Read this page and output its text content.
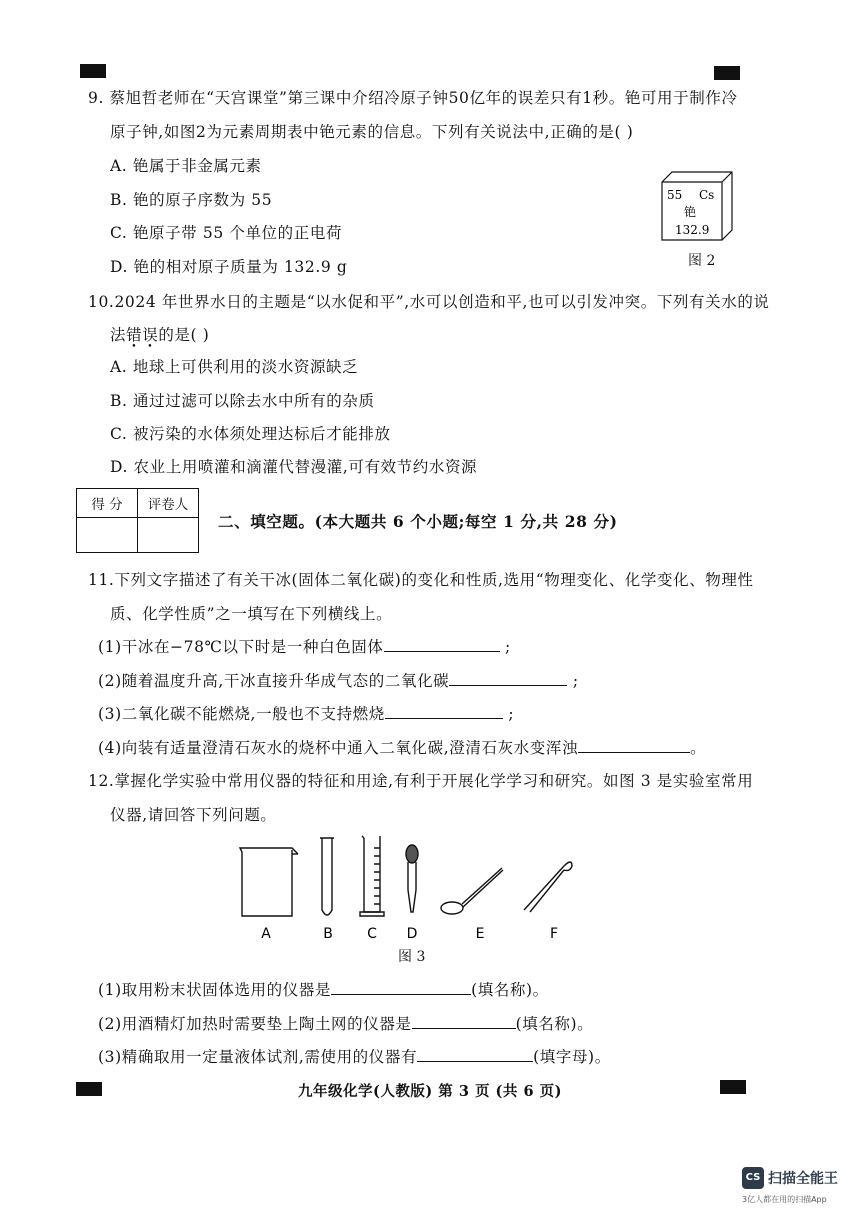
9. 蔡旭哲老师在“天宫课堂”第三课中介绍冷原子钟50亿年的误差只有1秒。铯可用于制作冷
原子钟,如图2为元素周期表中铯元素的信息。下列有关说法中,正确的是( )
A. 铯属于非金属元素
B. 铯的原子序数为 55
C. 铯原子带 55 个单位的正电荷
D. 铯的相对原子质量为 132.9 g
55 Cs
铯
132.9
图 2
10.2024 年世界水日的主题是“以水促和平”,水可以创造和平,也可以引发冲突。下列有关水的说
法错误的是( )
A. 地球上可供利用的淡水资源缺乏
B. 通过过滤可以除去水中所有的杂质
C. 被污染的水体须处理达标后才能排放
D. 农业上用喷灌和滴灌代替漫灌,可有效节约水资源
得 分	评卷人

二、填空题。(本大题共 6 个小题;每空 1 分,共 28 分)
11.下列文字描述了有关干冰(固体二氧化碳)的变化和性质,选用“物理变化、化学变化、物理性
质、化学性质”之一填写在下列横线上。
(1)干冰在−78℃以下时是一种白色固体	;
(2)随着温度升高,干冰直接升华成气态的二氧化碳	;
(3)二氧化碳不能燃烧,一般也不支持燃烧	;
(4)向装有适量澄清石灰水的烧杯中通入二氧化碳,澄清石灰水变浑浊	。
12.掌握化学实验中常用仪器的特征和用途,有利于开展化学学习和研究。如图 3 是实验室常用
仪器,请回答下列问题。
A	B C D	E	F
图 3
(1)取用粉末状固体选用的仪器是	(填名称)。
(2)用酒精灯加热时需要垫上陶土网的仪器是	(填名称)。
(3)精确取用一定量液体试剂,需使用的仪器有	(填字母)。
九年级化学(人教版) 第 3 页 (共 6 页)
CS 扫描全能王
3亿人都在用的扫描App
